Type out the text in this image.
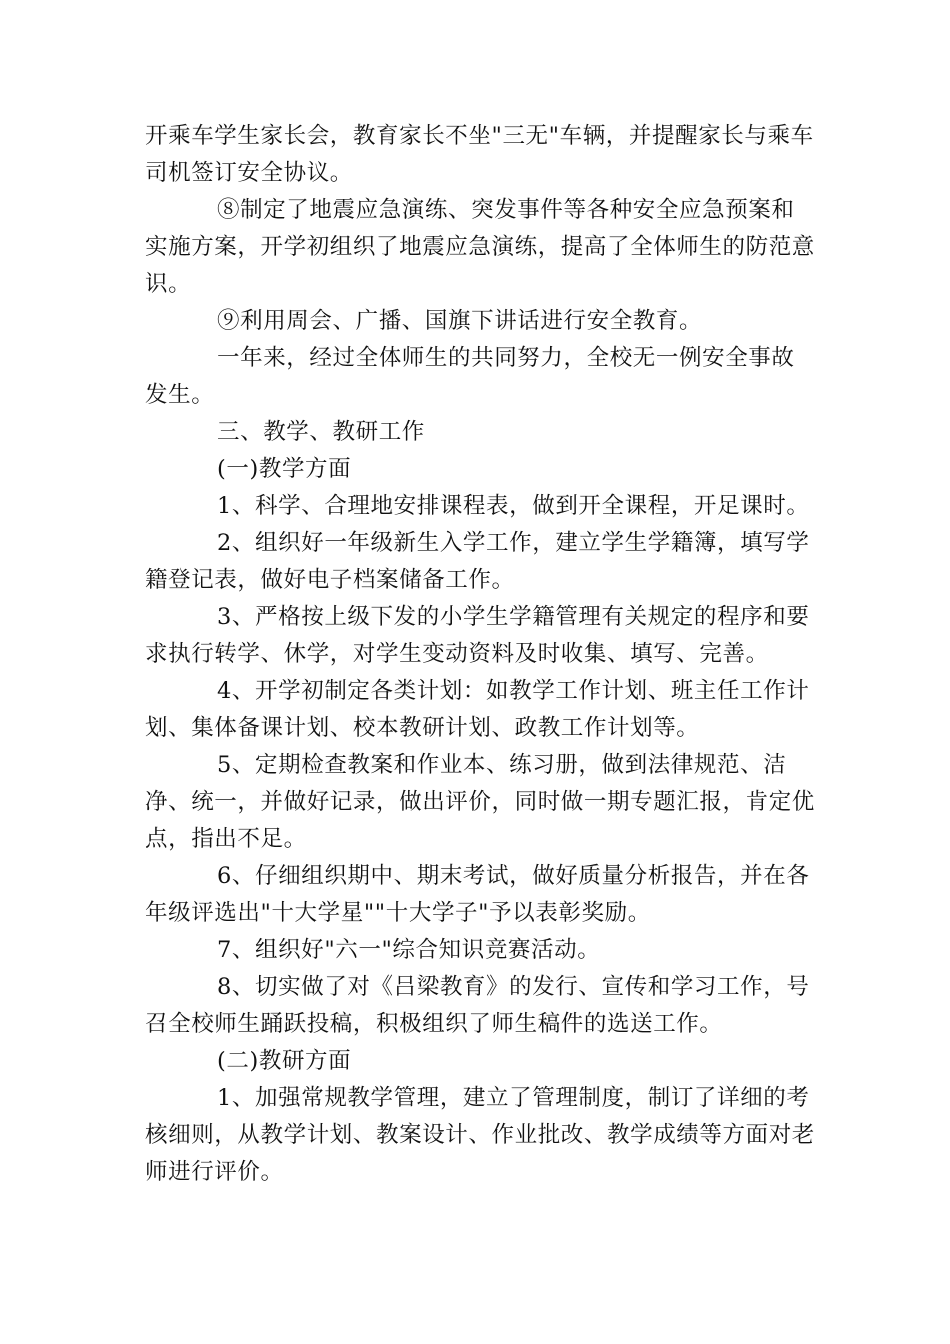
开乘车学生家长会，教育家长不坐"三无"车辆，并提醒家长与乘车司机签订安全协议。

⑧制定了地震应急演练、突发事件等各种安全应急预案和实施方案，开学初组织了地震应急演练，提高了全体师生的防范意识。

⑨利用周会、广播、国旗下讲话进行安全教育。

一年来，经过全体师生的共同努力，全校无一例安全事故发生。

三、教学、教研工作

(一)教学方面

1、科学、合理地安排课程表，做到开全课程，开足课时。

2、组织好一年级新生入学工作，建立学生学籍簿，填写学籍登记表，做好电子档案储备工作。

3、严格按上级下发的小学生学籍管理有关规定的程序和要求执行转学、休学，对学生变动资料及时收集、填写、完善。

4、开学初制定各类计划：如教学工作计划、班主任工作计划、集体备课计划、校本教研计划、政教工作计划等。

5、定期检查教案和作业本、练习册，做到法律规范、洁净、统一，并做好记录，做出评价，同时做一期专题汇报，肯定优点，指出不足。

6、仔细组织期中、期末考试，做好质量分析报告，并在各年级评选出"十大学星""十大学子"予以表彰奖励。

7、组织好"六一"综合知识竞赛活动。

8、切实做了对《吕梁教育》的发行、宣传和学习工作，号召全校师生踊跃投稿，积极组织了师生稿件的选送工作。

(二)教研方面

1、加强常规教学管理，建立了管理制度，制订了详细的考核细则，从教学计划、教案设计、作业批改、教学成绩等方面对老师进行评价。
